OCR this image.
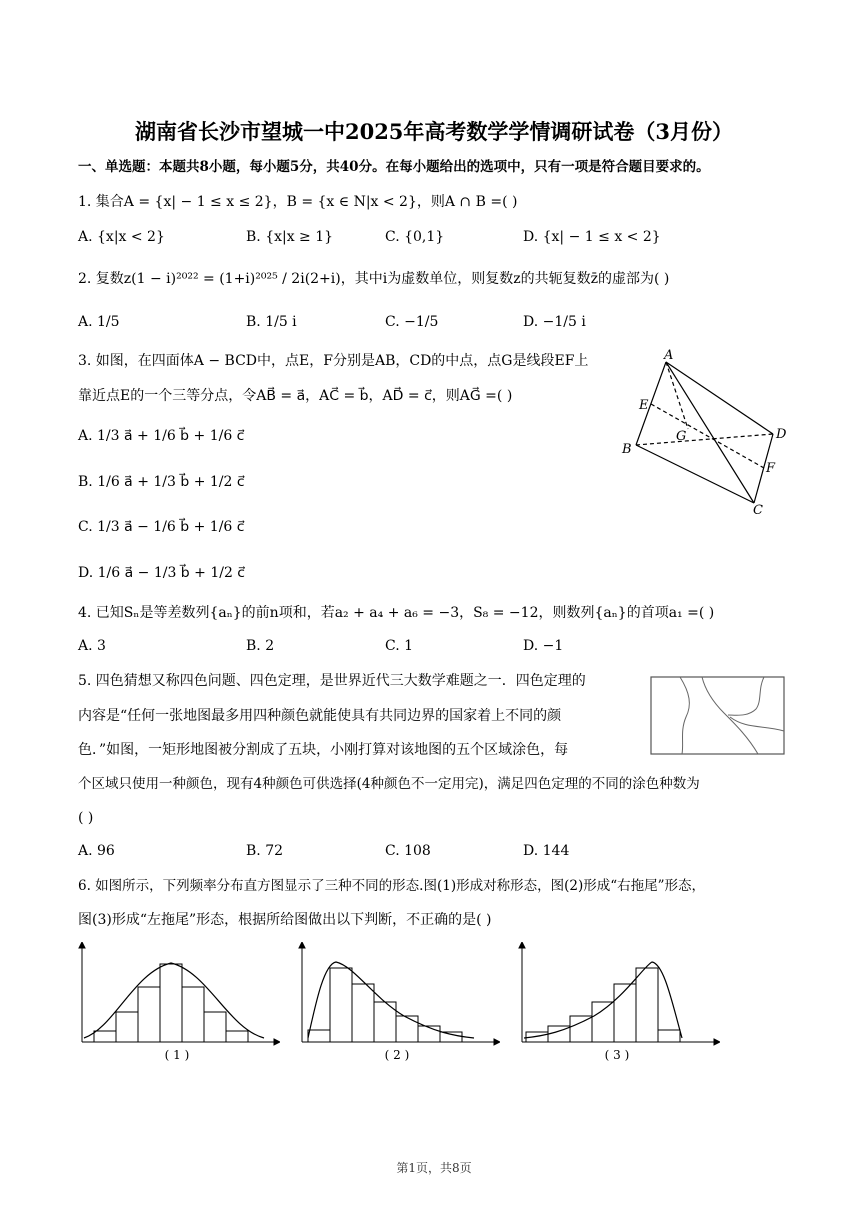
湖南省长沙市望城一中2025年高考数学学情调研试卷（3月份）
一、单选题：本题共8小题，每小题5分，共40分。在每小题给出的选项中，只有一项是符合题目要求的。
1. 集合A = {x| − 1 ≤ x ≤ 2}，B = {x ∈ N|x < 2}，则A ∩ B =( )
A. {x|x < 2}	B. {x|x ≥ 1}	C. {0,1}	D. {x| − 1 ≤ x < 2}
2. 复数z(1 − i)²⁰²² = (1+i)²⁰²⁵ / 2i(2+i)，其中i为虚数单位，则复数z的共轭复数z̄的虚部为( )
A. 1/5	B. 1/5 i	C. −1/5	D. −1/5 i
3. 如图，在四面体A − BCD中，点E，F分别是AB，CD的中点，点G是线段EF上
靠近点E的一个三等分点，令AB⃗ = a⃗，AC⃗ = b⃗，AD⃗ = c⃗，则AG⃗ =( )
A. 1/3 a⃗ + 1/6 b⃗ + 1/6 c⃗
B. 1/6 a⃗ + 1/3 b⃗ + 1/2 c⃗
C. 1/3 a⃗ − 1/6 b⃗ + 1/6 c⃗
D. 1/6 a⃗ − 1/3 b⃗ + 1/2 c⃗
A
E
G	D
B
F
C
4. 已知Sₙ是等差数列{aₙ}的前n项和，若a₂ + a₄ + a₆ = −3，S₈ = −12，则数列{aₙ}的首项a₁ =( )
A. 3	B. 2	C. 1	D. −1
5. 四色猜想又称四色问题、四色定理，是世界近代三大数学难题之一．四色定理的
内容是“任何一张地图最多用四种颜色就能使具有共同边界的国家着上不同的颜
色．”如图，一矩形地图被分割成了五块，小刚打算对该地图的五个区域涂色，每
个区域只使用一种颜色，现有4种颜色可供选择(4种颜色不一定用完)，满足四色定理的不同的涂色种数为
( )
A. 96	B. 72	C. 108	D. 144
6. 如图所示，下列频率分布直方图显示了三种不同的形态.图(1)形成对称形态，图(2)形成“右拖尾”形态，
图(3)形成“左拖尾”形态，根据所给图做出以下判断，不正确的是( )
( 1 )	( 2 )	( 3 )
第1页，共8页
